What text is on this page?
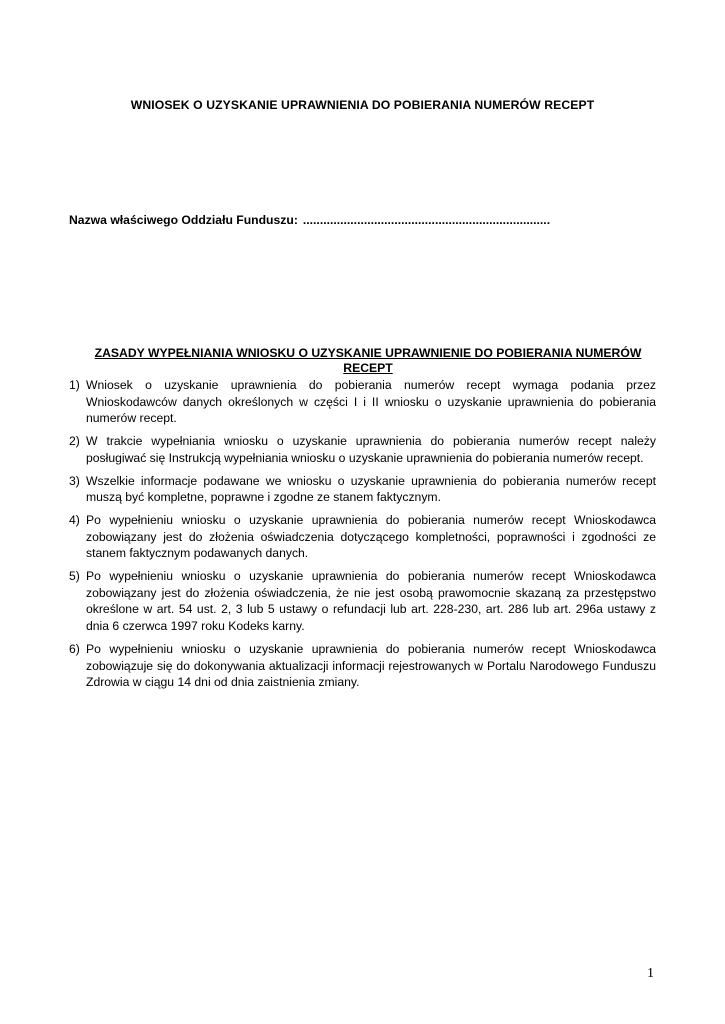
WNIOSEK O UZYSKANIE UPRAWNIENIA DO POBIERANIA NUMERÓW RECEPT
Nazwa właściwego Oddziału Funduszu: .........................................................................
ZASADY WYPEŁNIANIA WNIOSKU O UZYSKANIE UPRAWNIENIE DO POBIERANIA NUMERÓW RECEPT
1) Wniosek o uzyskanie uprawnienia do pobierania numerów recept wymaga podania przez Wnioskodawców danych określonych w części I i II wniosku o uzyskanie uprawnienia do pobierania numerów recept.
2) W trakcie wypełniania wniosku o uzyskanie uprawnienia do pobierania numerów recept należy posługiwać się Instrukcją wypełniania wniosku o uzyskanie uprawnienia do pobierania numerów recept.
3) Wszelkie informacje podawane we wniosku o uzyskanie uprawnienia do pobierania numerów recept muszą być kompletne, poprawne i zgodne ze stanem faktycznym.
4) Po wypełnieniu wniosku o uzyskanie uprawnienia do pobierania numerów recept Wnioskodawca zobowiązany jest do złożenia oświadczenia dotyczącego kompletności, poprawności i zgodności ze stanem faktycznym podawanych danych.
5) Po wypełnieniu wniosku o uzyskanie uprawnienia do pobierania numerów recept Wnioskodawca zobowiązany jest do złożenia oświadczenia, że nie jest osobą prawomocnie skazaną za przestępstwo określone w art. 54 ust. 2, 3 lub 5 ustawy o refundacji lub art. 228-230, art. 286 lub art. 296a ustawy z dnia 6 czerwca 1997 roku Kodeks karny.
6) Po wypełnieniu wniosku o uzyskanie uprawnienia do pobierania numerów recept Wnioskodawca zobowiązuje się do dokonywania aktualizacji informacji rejestrowanych w Portalu Narodowego Funduszu Zdrowia w ciągu 14 dni od dnia zaistnienia zmiany.
1
